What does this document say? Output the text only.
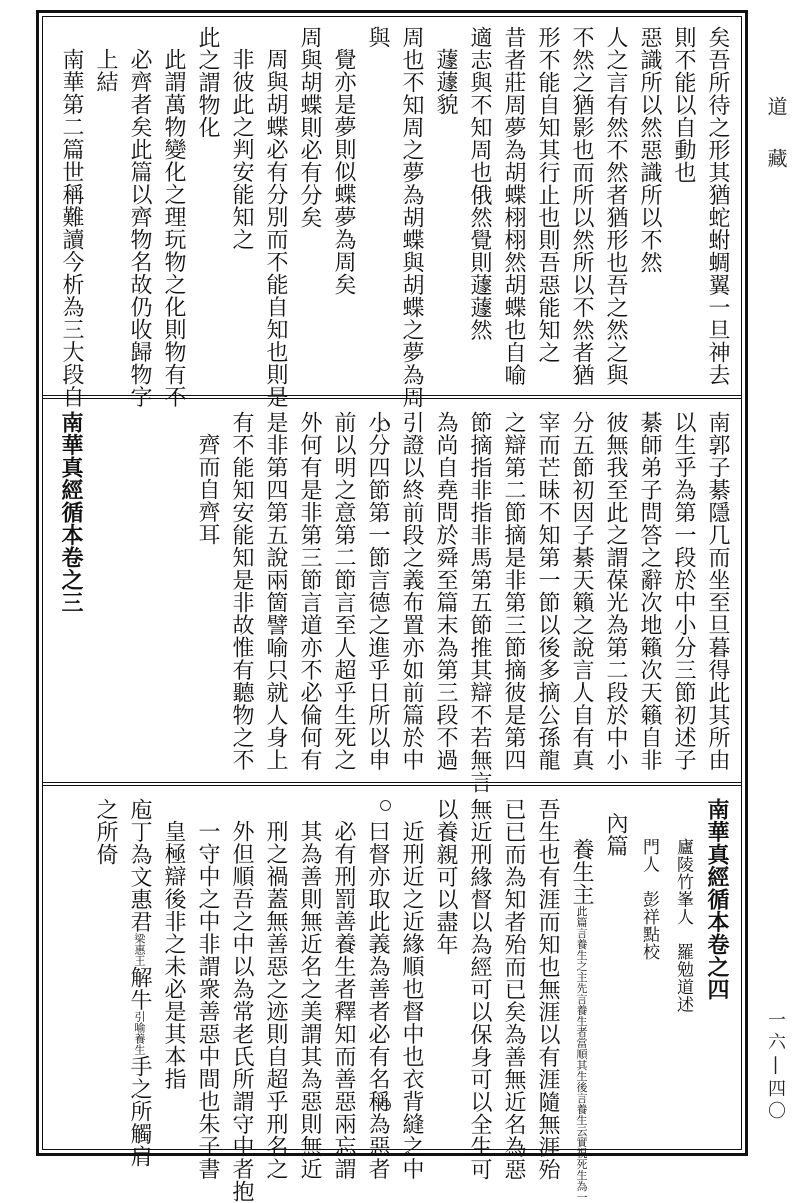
道藏
一六|四〇
矣吾所待之形其猶蛇蚹蜩翼一旦神去
則不能以自動也
惡識所以然惡識所以不然
人之言有然不然者猶形也吾之然之與
不然之猶影也而所以然所以不然者猶
形不能自知其行止也則吾惡能知之
昔者莊周夢為胡蝶栩栩然胡蝶也自喻
適志與不知周也俄然覺則蘧蘧然
蘧蘧貌
周也不知周之夢為胡蝶與胡蝶之夢為周
與
覺亦是夢則似蝶夢為周矣
周與胡蝶則必有分矣
周與胡蝶必有分別而不能自知也則是
非彼此之判安能知之
此之謂物化
此謂萬物變化之理玩物之化則物有不
必齊者矣此篇以齊物名故仍收歸物字
上結
南華第二篇世稱難讀今析為三大段自
南郭子綦隱几而坐至旦暮得此其所由
以生乎為第一段於中小分三節初述子
綦師弟子問答之辭次地籟次天籟自非
彼無我至此之謂葆光為第二段於中小
分五節初因子綦天籟之說言人自有真
宰而芒昧不知第一節以後多摘公孫龍
之辯第二節摘是非第三節摘彼是第四
節摘指非指非馬第五節推其辯不若無言
為尚自堯問於舜至篇末為第三段不過
引證以終前段之義布置亦如前篇於中
小分四節第一節言德之進乎日所以申
前以明之意第二節言至人超乎生死之
外何有是非第三節言道亦不必倫何有
是非第四第五說兩箇譬喻只就人身上
有不能知安能知是非故惟有聽物之不
齊而自齊耳
南華真經循本卷之三
南華真經循本卷之四
廬陵竹峯人　羅勉道述
門人　彭祥點校
內篇
養生主此篇言養生之主先言養生者當順其生後言養生云實視死生為一
吾生也有涯而知也無涯以有涯隨無涯殆
已已而為知者殆而已矣為善無近名為惡
無近刑緣督以為經可以保身可以全生可
以養親可以盡年
近刑近之近緣順也督中也衣背縫之中
曰督亦取此義為善者必有名稱為惡者
必有刑罰善養生者釋知而善惡兩忘謂
其為善則無近名之美謂其為惡則無近
刑之禍蓋無善惡之迹則自超乎刑名之
外但順吾之中以為常老氏所謂守中者抱
一守中之中非謂衆善惡中間也朱子書
皇極辯後非之未必是其本指
庖丁為文惠君梁惠王解牛引喻養生手之所觸肩
之所倚
